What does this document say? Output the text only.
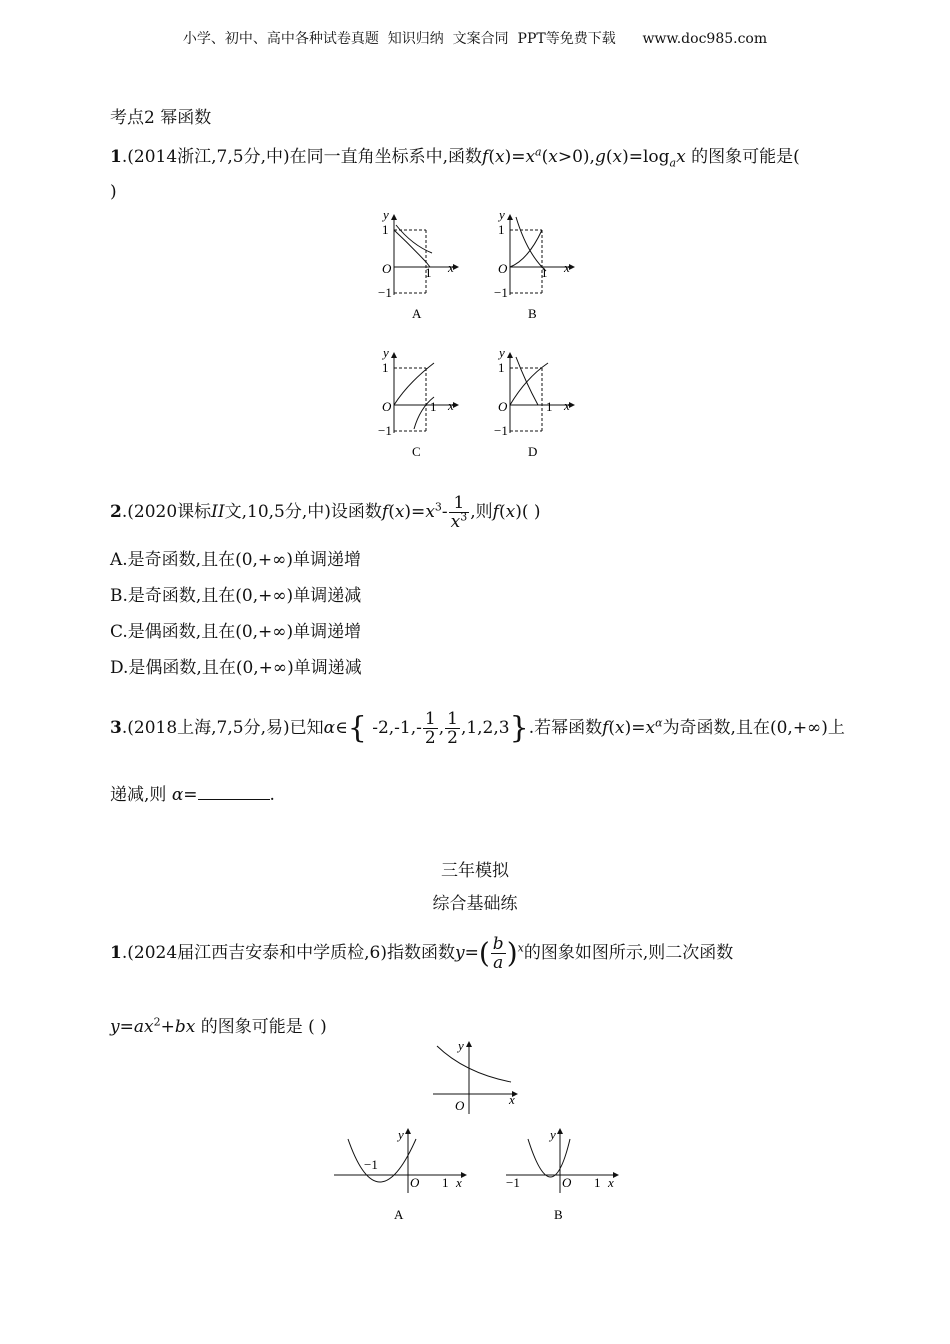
小学、初中、高中各种试卷真题  知识归纳  文案合同  PPT等免费下载      www.doc985.com
考点2 幂函数
1.(2014浙江,7,5分,中)在同一直角坐标系中,函数$f(x)=x^a(x>0),g(x)=\log_ax$ 的图象可能是(
)
y
1
O	1 x
−1
A
y
1
O	1 x
−1
B
y
1
O	1 x
−1
C
y
1
O	1 x
−1
D
2.(2020课标II文,10,5分,中)设函数$f(x)=x^3- \frac{1}{x^3}$ ,则f(x)( )
A.是奇函数,且在(0,+∞)单调递增
B.是奇函数,且在(0,+∞)单调递减
C.是偶函数,且在(0,+∞)单调递增
D.是偶函数,且在(0,+∞)单调递减
3.(2018上海,7,5分,易)已知α∈{ $-2,-1,- \frac{1}{2}$ , $\frac{1}{2} ,1,2,3$}.若幂函数$f(x)=x^\alpha$为奇函数,且在(0,+∞)上
递减,则 α=	.
三年模拟
综合基础练
1.(2024届江西吉安泰和中学质检,6)指数函数$y=( \frac{b}{a} )^x$的图象如图所示,则二次函数
$y=ax^2+bx$ 的图象可能是 ( )
y
O	x
y
−1
O 1 x
A
y
−1	O 1 x
B
